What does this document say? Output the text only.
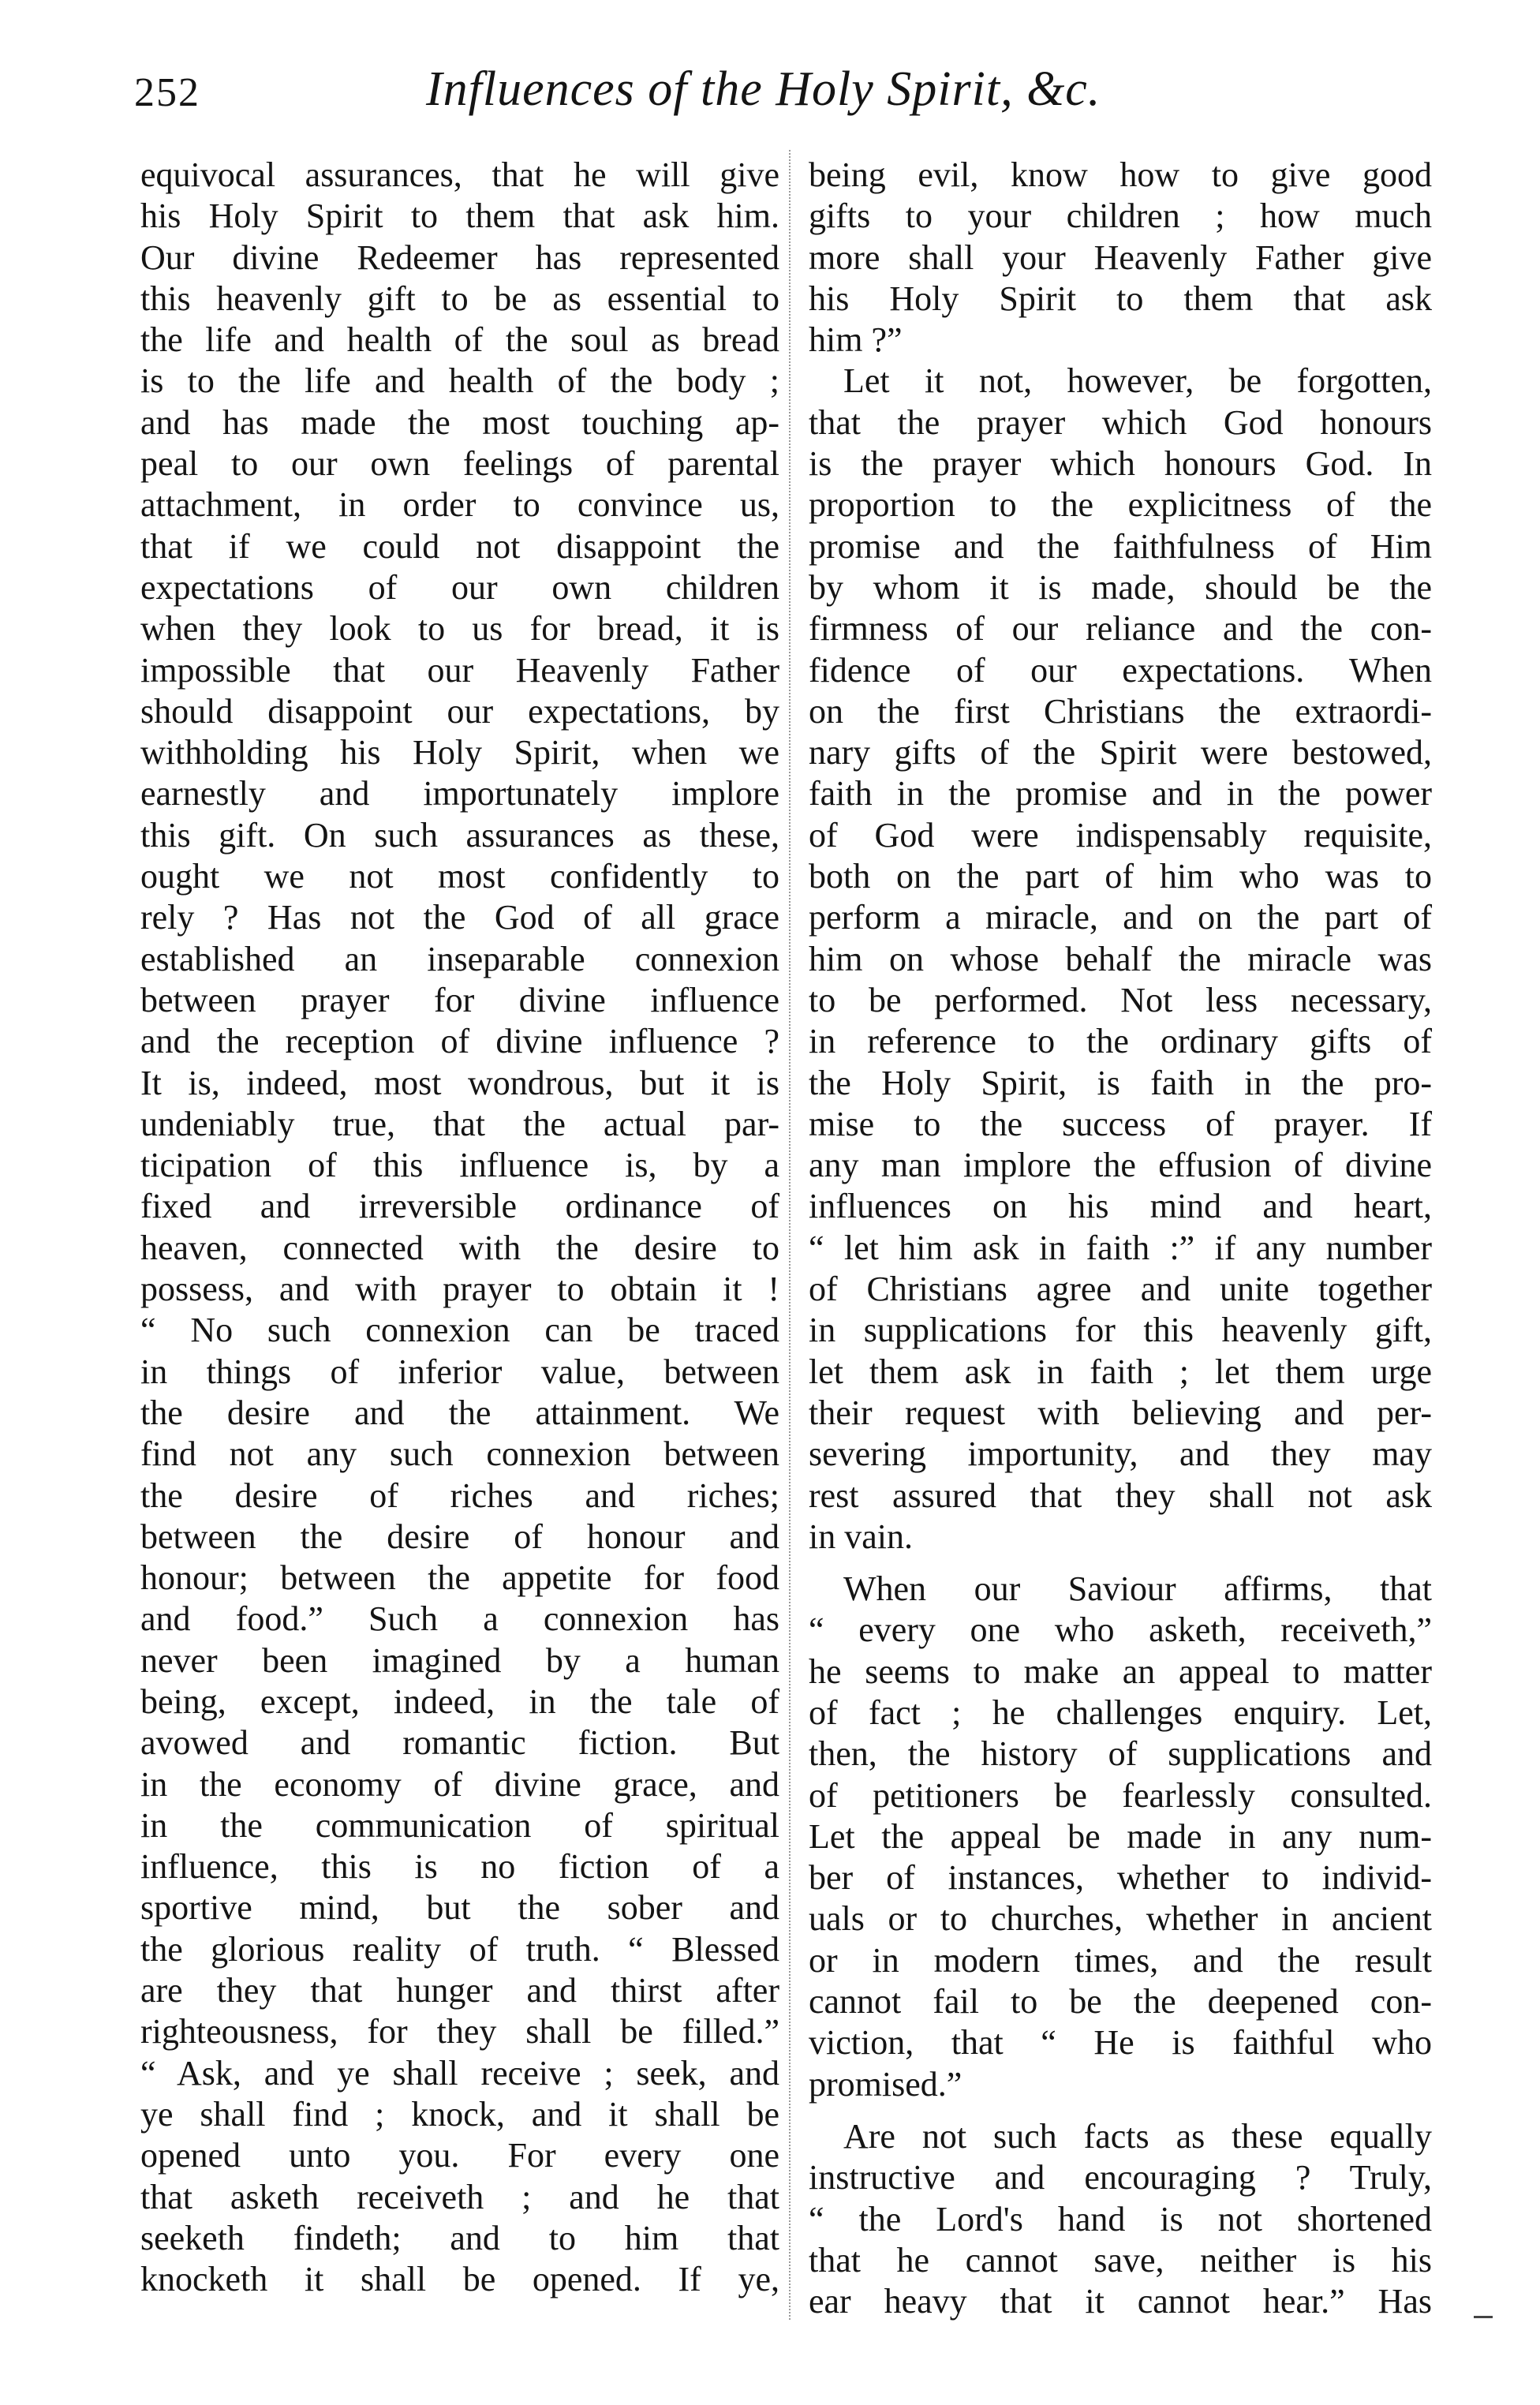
252	Influences of the Holy Spirit, &c.
equivocal assurances, that he will give
his Holy Spirit to them that ask him.
Our divine Redeemer has represented
this heavenly gift to be as essential to
the life and health of the soul as bread
is to the life and health of the body ;
and has made the most touching ap-
peal to our own feelings of parental
attachment, in order to convince us,
that if we could not disappoint the
expectations of our own children
when they look to us for bread, it is
impossible that our Heavenly Father
should disappoint our expectations, by
withholding his Holy Spirit, when we
earnestly and importunately implore
this gift. On such assurances as these,
ought we not most confidently to
rely ? Has not the God of all grace
established an inseparable connexion
between prayer for divine influence
and the reception of divine influence ?
It is, indeed, most wondrous, but it is
undeniably true, that the actual par-
ticipation of this influence is, by a
fixed and irreversible ordinance of
heaven, connected with the desire to
possess, and with prayer to obtain it !
“ No such connexion can be traced
in things of inferior value, between
the desire and the attainment. We
find not any such connexion between
the desire of riches and riches;
between the desire of honour and
honour; between the appetite for food
and food.” Such a connexion has
never been imagined by a human
being, except, indeed, in the tale of
avowed and romantic fiction. But
in the economy of divine grace, and
in the communication of spiritual
influence, this is no fiction of a
sportive mind, but the sober and
the glorious reality of truth. “ Blessed
are they that hunger and thirst after
righteousness, for they shall be filled.”
“ Ask, and ye shall receive ; seek, and
ye shall find ; knock, and it shall be
opened unto you. For every one
that asketh receiveth ; and he that
seeketh findeth; and to him that
knocketh it shall be opened. If ye,
being evil, know how to give good
gifts to your children ; how much
more shall your Heavenly Father give
his Holy Spirit to them that ask
him ?”
Let it not, however, be forgotten,
that the prayer which God honours
is the prayer which honours God. In
proportion to the explicitness of the
promise and the faithfulness of Him
by whom it is made, should be the
firmness of our reliance and the con-
fidence of our expectations. When
on the first Christians the extraordi-
nary gifts of the Spirit were bestowed,
faith in the promise and in the power
of God were indispensably requisite,
both on the part of him who was to
perform a miracle, and on the part of
him on whose behalf the miracle was
to be performed. Not less necessary,
in reference to the ordinary gifts of
the Holy Spirit, is faith in the pro-
mise to the success of prayer. If
any man implore the effusion of divine
influences on his mind and heart,
“ let him ask in faith :” if any number
of Christians agree and unite together
in supplications for this heavenly gift,
let them ask in faith ; let them urge
their request with believing and per-
severing importunity, and they may
rest assured that they shall not ask
in vain.
When our Saviour affirms, that
“ every one who asketh, receiveth,”
he seems to make an appeal to matter
of fact ; he challenges enquiry. Let,
then, the history of supplications and
of petitioners be fearlessly consulted.
Let the appeal be made in any num-
ber of instances, whether to individ-
uals or to churches, whether in ancient
or in modern times, and the result
cannot fail to be the deepened con-
viction, that “ He is faithful who
promised.”
Are not such facts as these equally
instructive and encouraging ? Truly,
“ the Lord's hand is not shortened
that he cannot save, neither is his
ear heavy that it cannot hear.” Has
